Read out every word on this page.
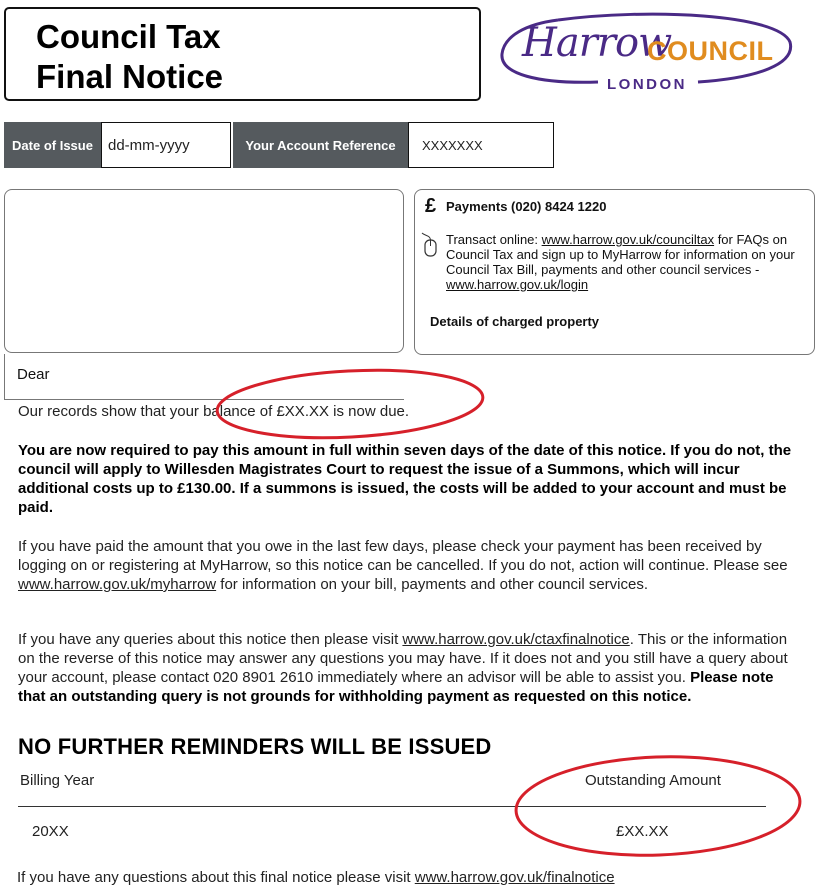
Council Tax
Final Notice
Harrow
COUNCIL
LONDON
Date of Issue	dd-mm-yyyy	Your Account Reference	XXXXXXX
£ Payments (020) 8424 1220
Transact online: www.harrow.gov.uk/counciltax for FAQs on Council Tax and sign up to MyHarrow for information on your Council Tax Bill, payments and other council services - www.harrow.gov.uk/login
Details of charged property
Dear
Our records show that your balance of £XX.XX is now due.
You are now required to pay this amount in full within seven days of the date of this notice. If you do not, the council will apply to Willesden Magistrates Court to request the issue of a Summons, which will incur additional costs up to £130.00. If a summons is issued, the costs will be added to your account and must be paid.
If you have paid the amount that you owe in the last few days, please check your payment has been received by logging on or registering at MyHarrow, so this notice can be cancelled. If you do not, action will continue. Please see www.harrow.gov.uk/myharrow for information on your bill, payments and other council services.
If you have any queries about this notice then please visit www.harrow.gov.uk/ctaxfinalnotice. This or the information on the reverse of this notice may answer any questions you may have. If it does not and you still have a query about your account, please contact 020 8901 2610 immediately where an advisor will be able to assist you. Please note that an outstanding query is not grounds for withholding payment as requested on this notice.
NO FURTHER REMINDERS WILL BE ISSUED
Billing Year	Outstanding Amount
20XX	£XX.XX
If you have any questions about this final notice please visit www.harrow.gov.uk/finalnotice
